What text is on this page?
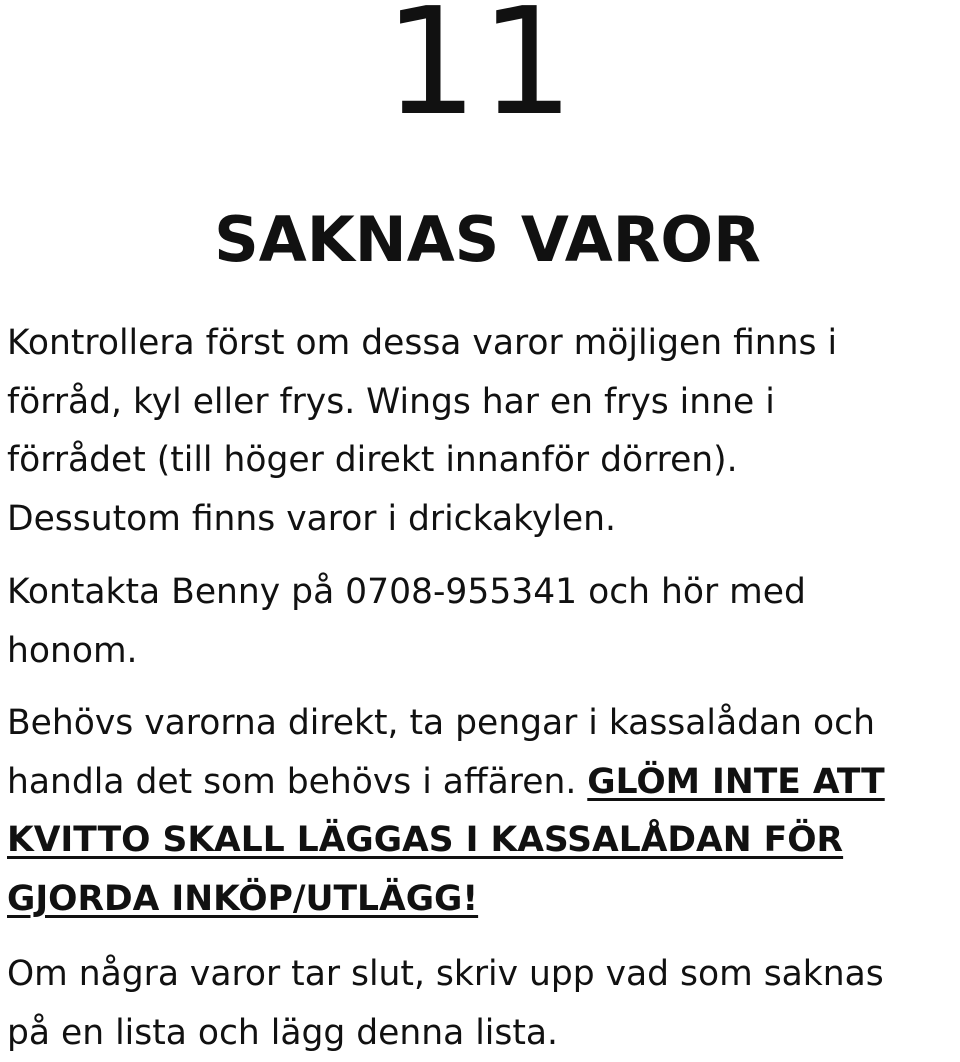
11
SAKNAS VAROR

Kontrollera först om dessa varor möjligen finns i
förråd, kyl eller frys. Wings har en frys inne i
förrådet (till höger direkt innanför dörren).
Dessutom finns varor i drickakylen.

Kontakta Benny på 0708-955341 och hör med
honom.

Behövs varorna direkt, ta pengar i kassalådan och
handla det som behövs i affären. GLÖM INTE ATT
KVITTO SKALL LÄGGAS I KASSALÅDAN FÖR
GJORDA INKÖP/UTLÄGG!

Om några varor tar slut, skriv upp vad som saknas
på en lista och lägg denna lista.
